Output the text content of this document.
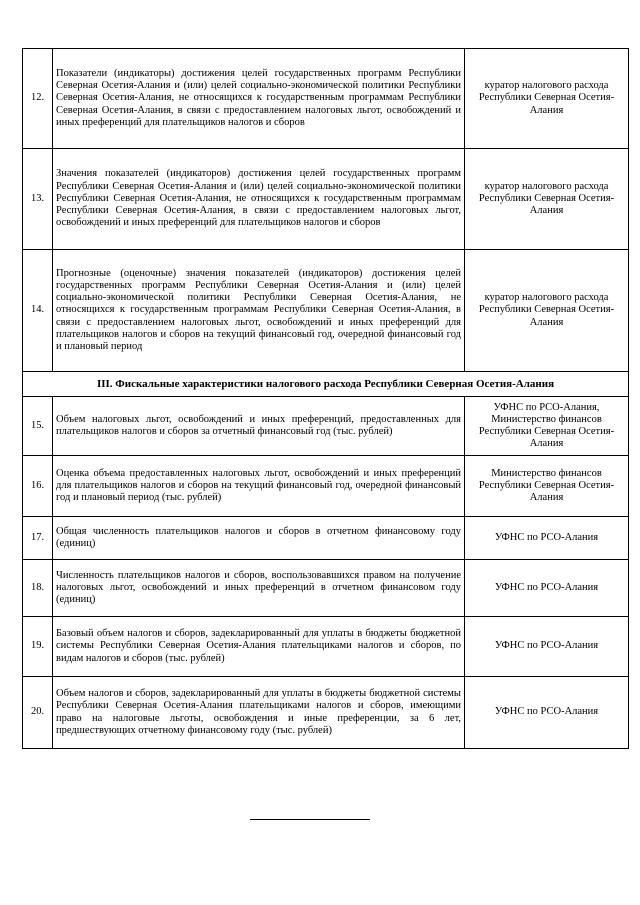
12.	Показатели (индикаторы) достижения целей государственных программ Республики Северная Осетия-Алания и (или) целей социально-экономической политики Республики Северная Осетия-Алания, не относящихся к государственным программам Республики Северная Осетия-Алания, в связи с предоставлением налоговых льгот, освобождений и иных преференций для плательщиков налогов и сборов	куратор налогового расхода Республики Северная Осетия-Алания
13.	Значения показателей (индикаторов) достижения целей государственных программ Республики Северная Осетия-Алания и (или) целей социально-экономической политики Республики Северная Осетия-Алания, не относящихся к государственным программам Республики Северная Осетия-Алания, в связи с предоставлением налоговых льгот, освобождений и иных преференций для плательщиков налогов и сборов	куратор налогового расхода Республики Северная Осетия-Алания
14.	Прогнозные (оценочные) значения показателей (индикаторов) достижения целей государственных программ Республики Северная Осетия-Алания и (или) целей социально-экономической политики Республики Северная Осетия-Алания, не относящихся к государственным программам Республики Северная Осетия-Алания, в связи с предоставлением налоговых льгот, освобождений и иных преференций для плательщиков налогов и сборов на текущий финансовый год, очередной финансовый год и плановый период	куратор налогового расхода Республики Северная Осетия-Алания
III. Фискальные характеристики налогового расхода Республики Северная Осетия-Алания		
15.	Объем налоговых льгот, освобождений и иных преференций, предоставленных для плательщиков налогов и сборов за отчетный финансовый год (тыс. рублей)	УФНС по РСО-Алания, Министерство финансов Республики Северная Осетия-Алания
16.	Оценка объема предоставленных налоговых льгот, освобождений и иных преференций для плательщиков налогов и сборов на текущий финансовый год, очередной финансовый год и плановый период (тыс. рублей)	Министерство финансов Республики Северная Осетия-Алания
17.	Общая численность плательщиков налогов и сборов в отчетном финансовому году (единиц)	УФНС по РСО-Алания
18.	Численность плательщиков налогов и сборов, воспользовавшихся правом на получение налоговых льгот, освобождений и иных преференций в отчетном финансовом году (единиц)	УФНС по РСО-Алания
19.	Базовый объем налогов и сборов, задекларированный для уплаты в бюджеты бюджетной системы Республики Северная Осетия-Алания плательщиками налогов и сборов, по видам налогов и сборов (тыс. рублей)	УФНС по РСО-Алания
20.	Объем налогов и сборов, задекларированный для уплаты в бюджеты бюджетной системы Республики Северная Осетия-Алания плательщиками налогов и сборов, имеющими право на налоговые льготы, освобождения и иные преференции, за 6 лет, предшествующих отчетному финансовому году (тыс. рублей)	УФНС по РСО-Алания
